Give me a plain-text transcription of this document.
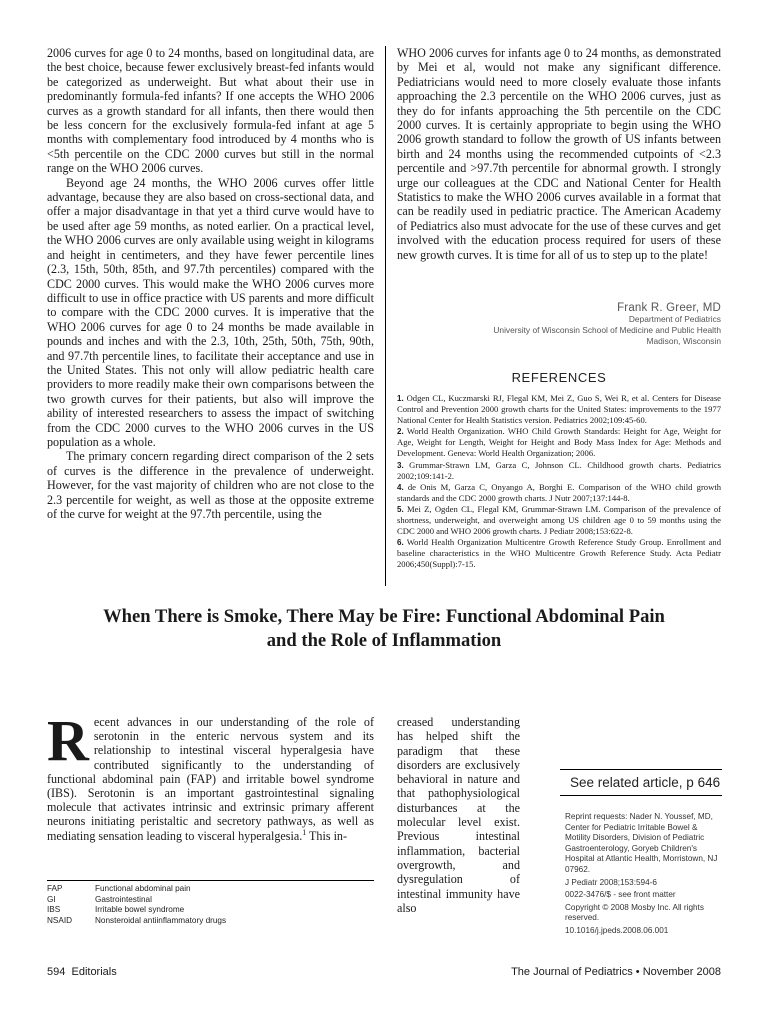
2006 curves for age 0 to 24 months, based on longitudinal data, are the best choice, because fewer exclusively breast-fed infants would be categorized as underweight. But what about their use in predominantly formula-fed infants? If one accepts the WHO 2006 curves as a growth standard for all infants, then there would then be less concern for the exclusively formula-fed infant at age 5 months with complementary food introduced by 4 months who is <5th percentile on the CDC 2000 curves but still in the normal range on the WHO 2006 curves.

Beyond age 24 months, the WHO 2006 curves offer little advantage, because they are also based on cross-sectional data, and offer a major disadvantage in that yet a third curve would have to be used after age 59 months, as noted earlier. On a practical level, the WHO 2006 curves are only available using weight in kilograms and height in centimeters, and they have fewer percentile lines (2.3, 15th, 50th, 85th, and 97.7th percentiles) compared with the CDC 2000 curves. This would make the WHO 2006 curves more difficult to use in office practice with US parents and more difficult to compare with the CDC 2000 curves. It is imperative that the WHO 2006 curves for age 0 to 24 months be made available in pounds and inches and with the 2.3, 10th, 25th, 50th, 75th, 90th, and 97.7th percentile lines, to facilitate their acceptance and use in the United States. This not only will allow pediatric health care providers to more readily make their own comparisons between the two growth curves for their patients, but also will improve the ability of interested researchers to assess the impact of switching from the CDC 2000 curves to the WHO 2006 curves in the US population as a whole.

The primary concern regarding direct comparison of the 2 sets of curves is the difference in the prevalence of underweight. However, for the vast majority of children who are not close to the 2.3 percentile for weight, as well as those at the opposite extreme of the curve for weight at the 97.7th percentile, using the

WHO 2006 curves for infants age 0 to 24 months, as demonstrated by Mei et al, would not make any significant difference. Pediatricians would need to more closely evaluate those infants approaching the 2.3 percentile on the WHO 2006 curves, just as they do for infants approaching the 5th percentile on the CDC 2000 curves. It is certainly appropriate to begin using the WHO 2006 growth standard to follow the growth of US infants between birth and 24 months using the recommended cutpoints of <2.3 percentile and >97.7th percentile for abnormal growth. I strongly urge our colleagues at the CDC and National Center for Health Statistics to make the WHO 2006 curves available in a format that can be readily used in pediatric practice. The American Academy of Pediatrics also must advocate for the use of these curves and get involved with the education process required for users of these new growth curves. It is time for all of us to step up to the plate!

Frank R. Greer, MD
Department of Pediatrics
University of Wisconsin School of Medicine and Public Health
Madison, Wisconsin
REFERENCES

1. Odgen CL, Kuczmarski RJ, Flegal KM, Mei Z, Guo S, Wei R, et al. Centers for Disease Control and Prevention 2000 growth charts for the United States: improvements to the 1977 National Center for Health Statistics version. Pediatrics 2002;109:45-60.

2. World Health Organization. WHO Child Growth Standards: Height for Age, Weight for Age, Weight for Length, Weight for Height and Body Mass Index for Age: Methods and Development. Geneva: World Health Organization; 2006.

3. Grummar-Strawn LM, Garza C, Johnson CL. Childhood growth charts. Pediatrics 2002;109:141-2.

4. de Onis M, Garza C, Onyango A, Borghi E. Comparison of the WHO child growth standards and the CDC 2000 growth charts. J Nutr 2007;137:144-8.

5. Mei Z, Ogden CL, Flegal KM, Grummar-Strawn LM. Comparison of the prevalence of shortness, underweight, and overweight among US children age 0 to 59 months using the CDC 2000 and WHO 2006 growth charts. J Pediatr 2008;153:622-8.

6. World Health Organization Multicentre Growth Reference Study Group. Enrollment and baseline characteristics in the WHO Multicentre Growth Reference Study. Acta Pediatr 2006;450(Suppl):7-15.

When There is Smoke, There May be Fire: Functional Abdominal Pain
and the Role of Inflammation

Recent advances in our understanding of the role of serotonin in the enteric nervous system and its relationship to intestinal visceral hyperalgesia have contributed significantly to the understanding of functional abdominal pain (FAP) and irritable bowel syndrome (IBS). Serotonin is an important gastrointestinal signaling molecule that activates intrinsic and extrinsic primary afferent neurons initiating peristaltic and secretory pathways, as well as mediating sensation leading to visceral hyperalgesia.$^1$ This in-

FAP	Functional abdominal pain
GI	Gastrointestinal
IBS	Irritable bowel syndrome
NSAID	Nonsteroidal antiinflammatory drugs

creased understanding has helped shift the paradigm that these disorders are exclusively behavioral in nature and that pathophysiological disturbances at the molecular level exist. Previous intestinal inflammation, bacterial overgrowth, and dysregulation of intestinal immunity have also

See related article, p 646

Reprint requests: Nader N. Youssef, MD, Center for Pediatric Irritable Bowel & Motility Disorders, Division of Pediatric Gastroenterology, Goryeb Children's Hospital at Atlantic Health, Morristown, NJ 07962.

J Pediatr 2008;153:594-6

0022-3476/$ - see front matter

Copyright © 2008 Mosby Inc. All rights reserved.

10.1016/j.jpeds.2008.06.001

594 Editorials	The Journal of Pediatrics • November 2008
